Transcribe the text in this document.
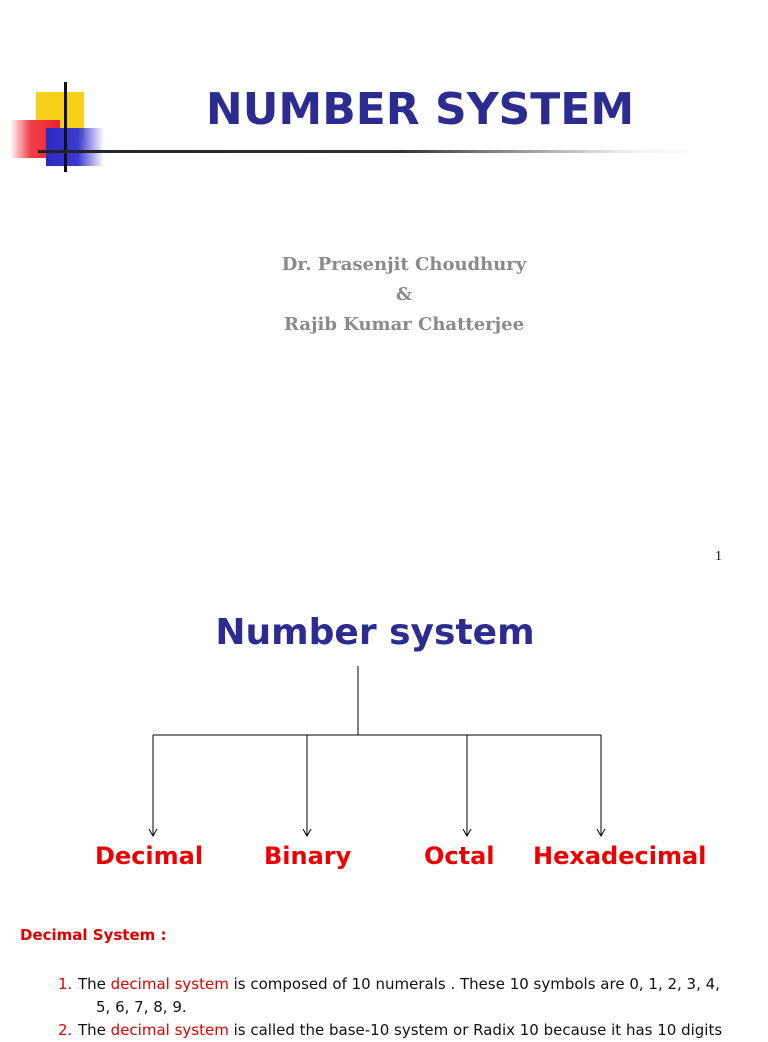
NUMBER SYSTEM
Dr. Prasenjit Choudhury
&
Rajib Kumar Chatterjee
1
Number system
Decimal	Binary	Octal Hexadecimal
Decimal System :
1. The decimal system is composed of 10 numerals . These 10 symbols are 0, 1, 2, 3, 4,
5, 6, 7, 8, 9.
2. The decimal system is called the base-10 system or Radix 10 because it has 10 digits
